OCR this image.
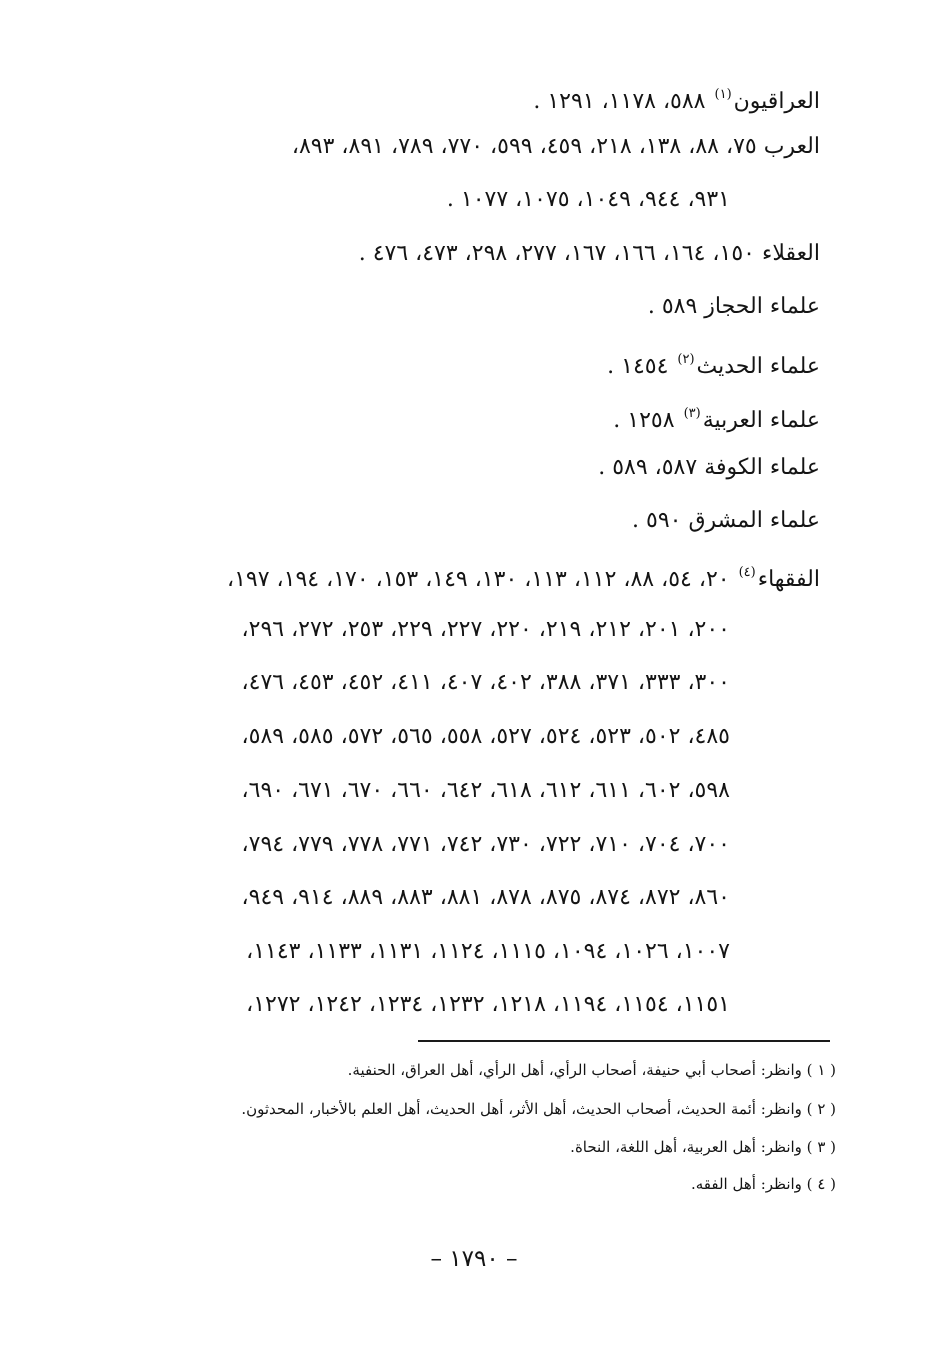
العراقيون$^{(١)}$ ٥٨٨، ١١٧٨، ١٢٩١ .
العرب ٧٥، ٨٨، ١٣٨، ٢١٨، ٤٥٩، ٥٩٩، ٧٧٠، ٧٨٩، ٨٩١، ٨٩٣،
٩٣١، ٩٤٤، ١٠٤٩، ١٠٧٥، ١٠٧٧ .
العقلاء ١٥٠، ١٦٤، ١٦٦، ١٦٧، ٢٧٧، ٢٩٨، ٤٧٣، ٤٧٦ .
علماء الحجاز ٥٨٩ .
علماء الحديث$^{(٢)}$ ١٤٥٤ .
علماء العربية$^{(٣)}$ ١٢٥٨ .
علماء الكوفة ٥٨٧، ٥٨٩ .
علماء المشرق ٥٩٠ .
الفقهاء$^{(٤)}$ ٢٠، ٥٤، ٨٨، ١١٢، ١١٣، ١٣٠، ١٤٩، ١٥٣، ١٧٠، ١٩٤، ١٩٧،
٢٠٠، ٢٠١، ٢١٢، ٢١٩، ٢٢٠، ٢٢٧، ٢٢٩، ٢٥٣، ٢٧٢، ٢٩٦،
٣٠٠، ٣٣٣، ٣٧١، ٣٨٨، ٤٠٢، ٤٠٧، ٤١١، ٤٥٢، ٤٥٣، ٤٧٦،
٤٨٥، ٥٠٢، ٥٢٣، ٥٢٤، ٥٢٧، ٥٥٨، ٥٦٥، ٥٧٢، ٥٨٥، ٥٨٩،
٥٩٨، ٦٠٢، ٦١١، ٦١٢، ٦١٨، ٦٤٢، ٦٦٠، ٦٧٠، ٦٧١، ٦٩٠،
٧٠٠، ٧٠٤، ٧١٠، ٧٢٢، ٧٣٠، ٧٤٢، ٧٧١، ٧٧٨، ٧٧٩، ٧٩٤،
٨٦٠، ٨٧٢، ٨٧٤، ٨٧٥، ٨٧٨، ٨٨١، ٨٨٣، ٨٨٩، ٩١٤، ٩٤٩،
١٠٠٧، ١٠٢٦، ١٠٩٤، ١١١٥، ١١٢٤، ١١٣١، ١١٣٣، ١١٤٣،
١١٥١، ١١٥٤، ١١٩٤، ١٢١٨، ١٢٣٢، ١٢٣٤، ١٢٤٢، ١٢٧٢،
( ١ ) وانظر: أصحاب أبي حنيفة، أصحاب الرأي، أهل الرأي، أهل العراق، الحنفية.
( ٢ ) وانظر: أئمة الحديث، أصحاب الحديث، أهل الأثر، أهل الحديث، أهل العلم بالأخبار، المحدثون.
( ٣ ) وانظر: أهل العربية، أهل اللغة، النحاة.
( ٤ ) وانظر: أهل الفقه.
– ١٧٩٠ –
